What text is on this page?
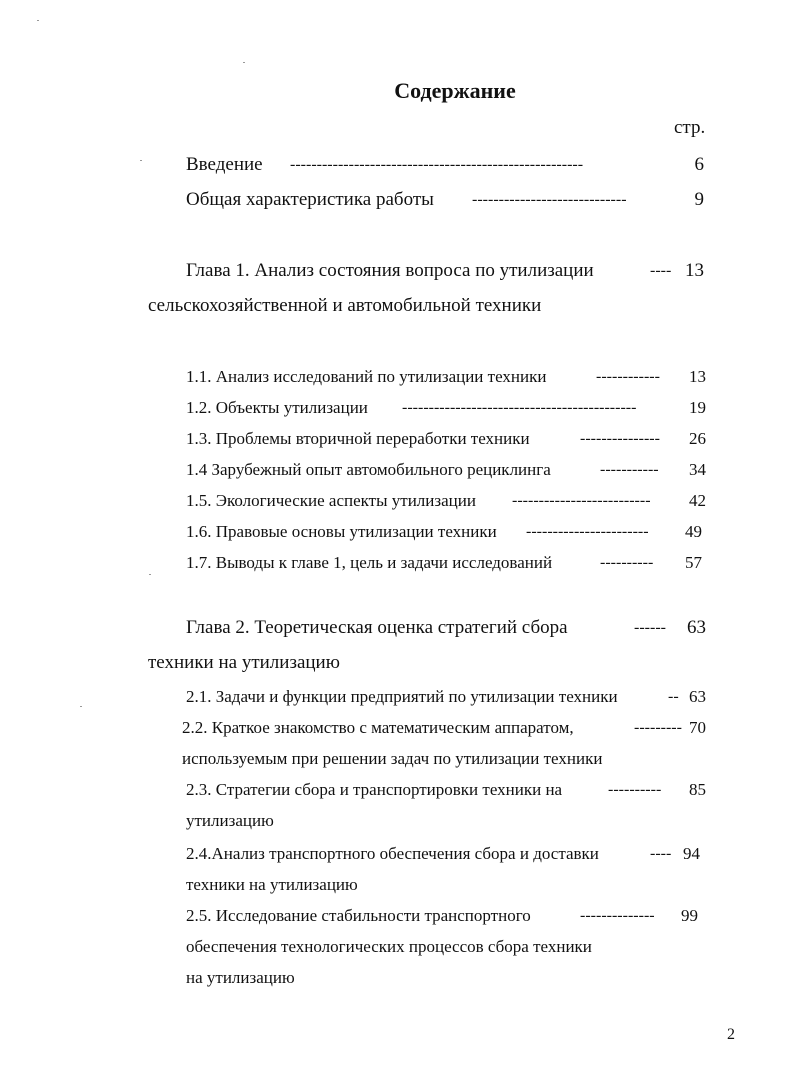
Содержание
стр.
Введение -------------------------------------------------------	6
Общая характеристика работы -----------------------------	9
Глава 1. Анализ состояния вопроса по утилизации	---- 13
сельскохозяйственной и автомобильной техники
1.1. Анализ исследований по утилизации техники	------------	13
1.2. Объекты утилизации --------------------------------------------	19
1.3. Проблемы вторичной переработки техники	---------------	26
1.4 Зарубежный опыт автомобильного рециклинга	-----------	34
1.5. Экологические аспекты утилизации --------------------------	42
1.6. Правовые основы утилизации техники -----------------------	49
1.7. Выводы к главе 1, цель и задачи исследований	----------	57
Глава 2. Теоретическая оценка стратегий сбора	------	63
техники на утилизацию
2.1. Задачи и функции предприятий по утилизации техники	-- 63
2.2. Краткое знакомство с математическим аппаратом,	--------- 70
используемым при решении задач по утилизации техники
2.3. Стратегии сбора и транспортировки техники на	----------	85
утилизацию
2.4.Анализ транспортного обеспечения сбора и доставки	---- 94
техники на утилизацию
2.5. Исследование стабильности транспортного	--------------	99
обеспечения технологических процессов сбора техники
на утилизацию
2
